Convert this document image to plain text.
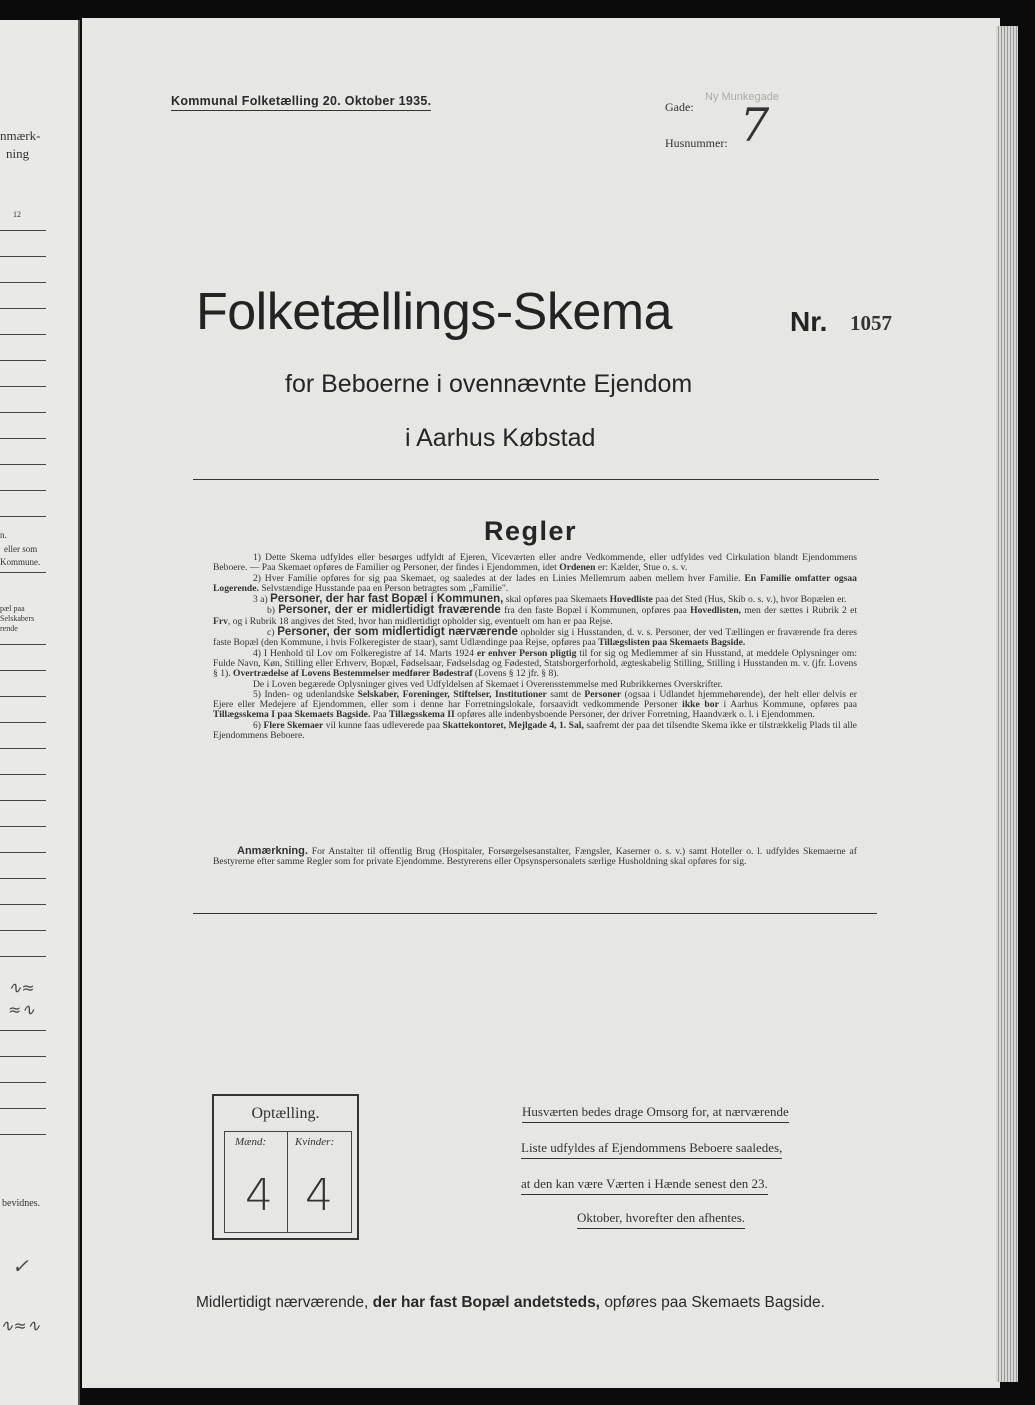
nmærk-
ning
12
n.
eller som
Kommune.
pæl paa
Selskabers
rende
∿≈
≈∿
bevidnes.
✓
∿≈∿
Kommunal Folketælling 20. Oktober 1935.	Gade:
Ny Munkegade
Husnummer: 7
Folketællings-Skema	Nr. 1057
for Beboerne i ovennævnte Ejendom
i Aarhus Købstad
Regler

1) Dette Skema udfyldes eller besørges udfyldt af Ejeren, Viceværten eller andre Vedkommende, eller udfyldes ved Cirkulation blandt Ejendommens Beboere. — Paa Skemaet opføres de Familier og Personer, der findes i Ejendommen, idet Ordenen er: Kælder, Stue o. s. v.

2) Hver Familie opføres for sig paa Skemaet, og saaledes at der lades en Linies Mellemrum aaben mellem hver Familie. En Familie omfatter ogsaa Logerende. Selvstændige Husstande paa en Person betragtes som „Familie".

3 a) Personer, der har fast Bopæl i Kommunen, skal opføres paa Skemaets Hovedliste paa det Sted (Hus, Skib o. s. v.), hvor Bopælen er.

b) Personer, der er midlertidigt fraværende fra den faste Bopæl i Kommunen, opføres paa Hovedlisten, men der sættes i Rubrik 2 et Frv, og i Rubrik 18 angives det Sted, hvor han midlertidigt opholder sig, eventuelt om han er paa Rejse.

c) Personer, der som midlertidigt nærværende opholder sig i Husstanden, d. v. s. Personer, der ved Tællingen er fraværende fra deres faste Bopæl (den Kommune, i hvis Folkeregister de staar), samt Udlændinge paa Rejse, opføres paa Tillægslisten paa Skemaets Bagside.

4) I Henhold til Lov om Folkeregistre af 14. Marts 1924 er enhver Person pligtig til for sig og Medlemmer af sin Husstand, at meddele Oplysninger om: Fulde Navn, Køn, Stilling eller Erhverv, Bopæl, Fødselsaar, Fødselsdag og Fødested, Statsborgerforhold, ægteskabelig Stilling, Stilling i Husstanden m. v. (jfr. Lovens § 1). Overtrædelse af Lovens Bestemmelser medfører Bødestraf (Lovens § 12 jfr. § 8).

De i Loven begærede Oplysninger gives ved Udfyldelsen af Skemaet i Overensstemmelse med Rubrikkernes Overskrifter.

5) Inden- og udenlandske Selskaber, Foreninger, Stiftelser, Institutioner samt de Personer (ogsaa i Udlandet hjemmehørende), der helt eller delvis er Ejere eller Medejere af Ejendommen, eller som i denne har Forretningslokale, forsaavidt vedkommende Personer ikke bor i Aarhus Kommune, opføres paa Tillægsskema I paa Skemaets Bagside. Paa Tillægsskema II opføres alle indenbysboende Personer, der driver Forretning, Haandværk o. l. i Ejendommen.

6) Flere Skemaer vil kunne faas udleverede paa Skattekontoret, Mejlgade 4, 1. Sal, saafremt der paa det tilsendte Skema ikke er tilstrækkelig Plads til alle Ejendommens Beboere.

Anmærkning. For Anstalter til offentlig Brug (Hospitaler, Forsørgelsesanstalter, Fængsler, Kaserner o. s. v.) samt Hoteller o. l. udfyldes Skemaerne af Bestyrerne efter samme Regler som for private Ejendomme. Bestyrerens eller Opsynspersonalets særlige Husholdning skal opføres for sig.
Optælling.
Mænd:	Kvinder:
4 4
Husværten bedes drage Omsorg for, at nærværende
Liste udfyldes af Ejendommens Beboere saaledes,
at den kan være Værten i Hænde senest den 23.
Oktober, hvorefter den afhentes.
Midlertidigt nærværende, der har fast Bopæl andetsteds, opføres paa Skemaets Bagside.
